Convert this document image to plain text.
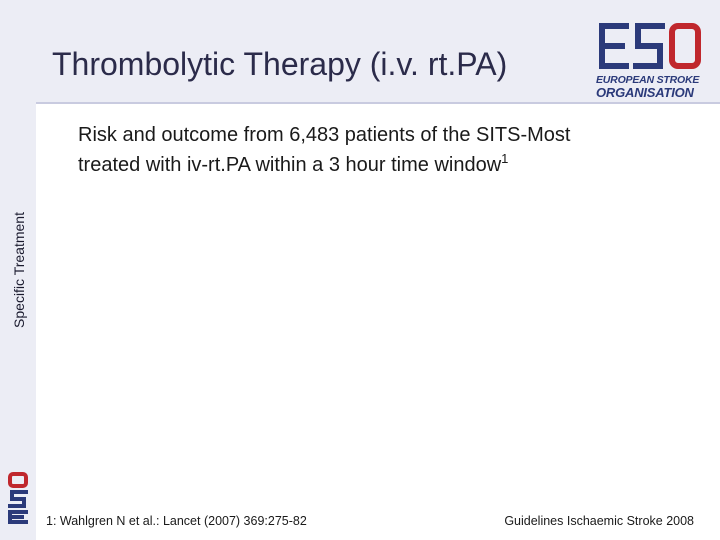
Specific Treatment
Thrombolytic Therapy (i.v. rt.PA)	EUROPEAN STROKE
ORGANISATION
Risk and outcome from 6,483 patients of the SITS-Most
treated with iv-rt.PA within a 3 hour time window$^1$
1: Wahlgren N et al.: Lancet (2007) 369:275-82	Guidelines Ischaemic Stroke 2008
